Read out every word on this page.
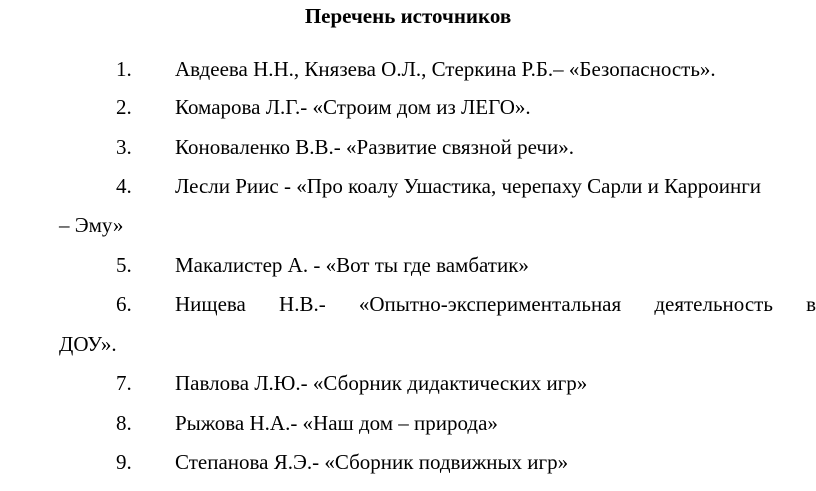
Перечень источников
1. Авдеева Н.Н., Князева О.Л., Стеркина Р.Б.– «Безопасность».
2. Комарова Л.Г.- «Строим дом из ЛЕГО».
3. Коноваленко В.В.- «Развитие связной речи».
4. Лесли Риис - «Про коалу Ушастика, черепаху Сарли и Карроинги
– Эму»
5. Макалистер А. - «Вот ты где вамбатик»
6. Нищева Н.В.- «Опытно-экспериментальная деятельность в
ДОУ».
7. Павлова Л.Ю.- «Сборник дидактических игр»
8. Рыжова Н.А.- «Наш дом – природа»
9. Степанова Я.Э.- «Сборник подвижных игр»
